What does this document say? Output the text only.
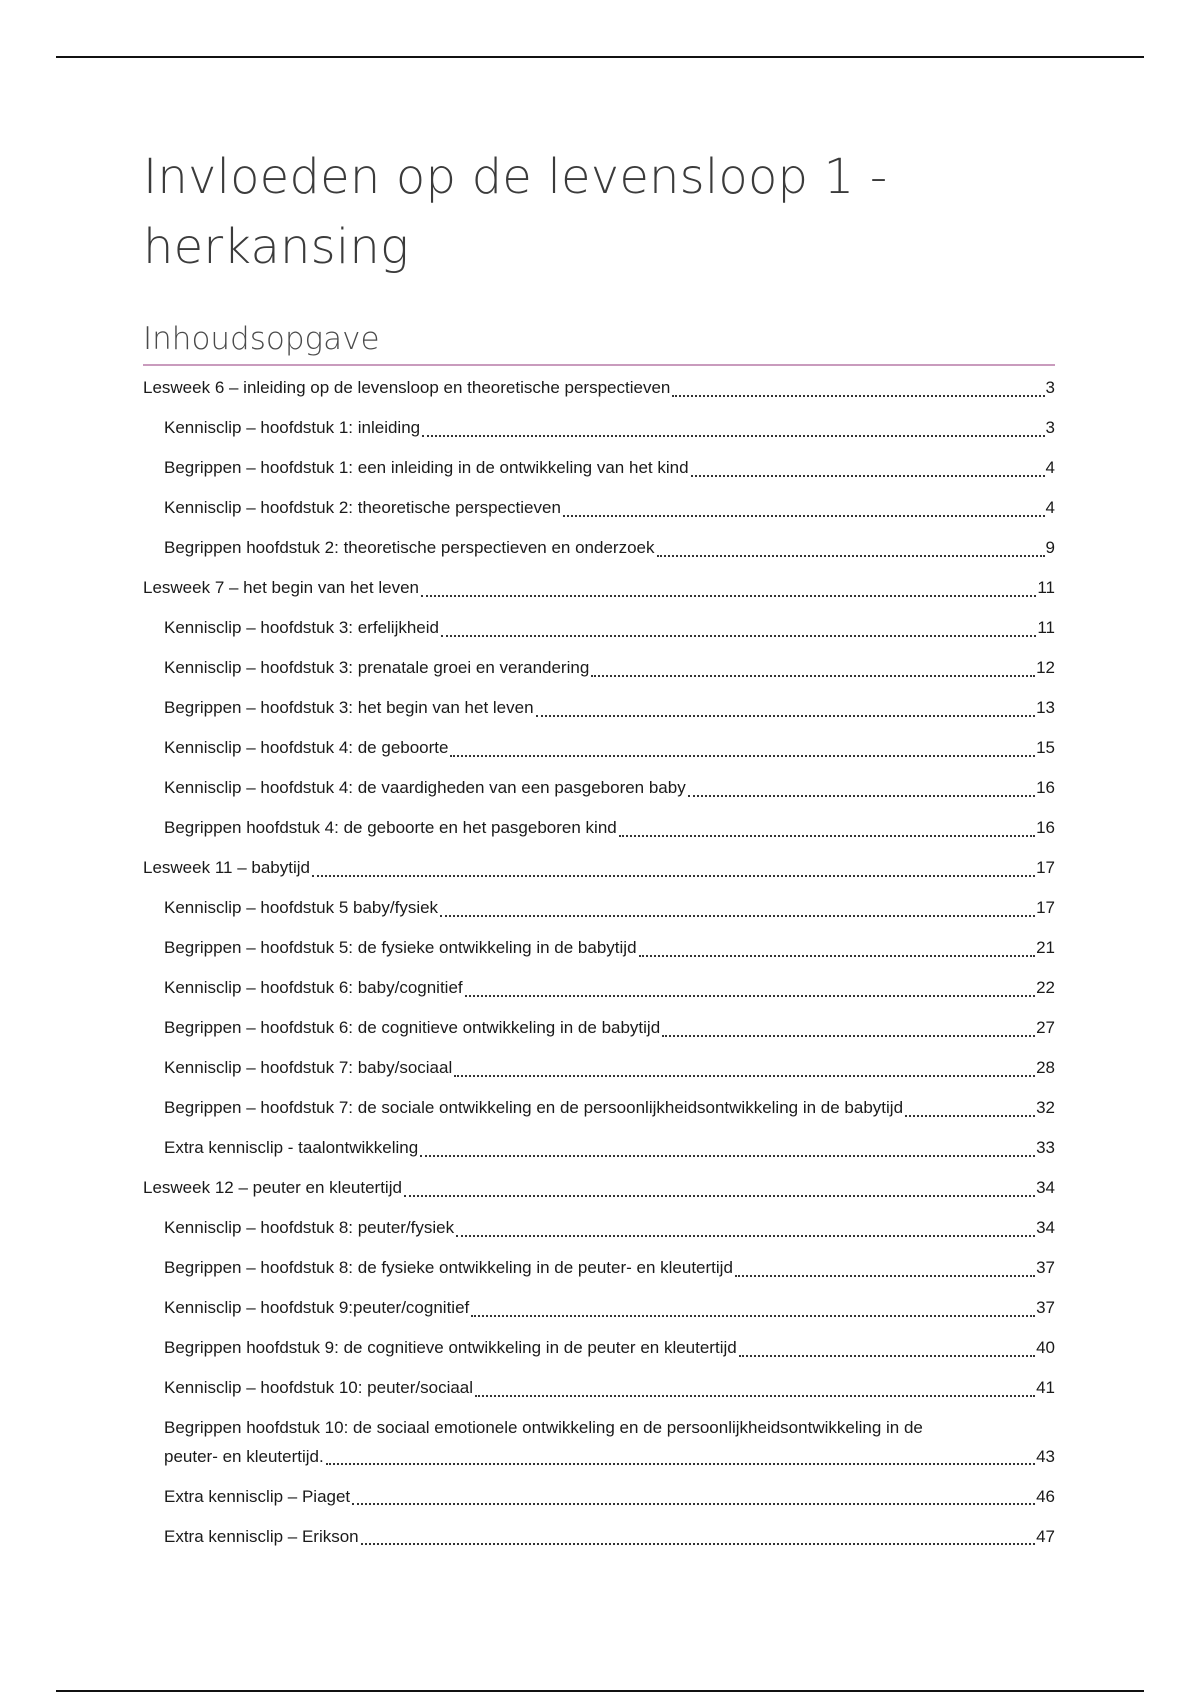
Invloeden op de levensloop 1 - herkansing
Inhoudsopgave
Lesweek 6 – inleiding op de levensloop en theoretische perspectieven	3
Kennisclip – hoofdstuk 1: inleiding	3
Begrippen – hoofdstuk 1: een inleiding in de ontwikkeling van het kind	4
Kennisclip – hoofdstuk 2: theoretische perspectieven	4
Begrippen hoofdstuk 2: theoretische perspectieven en onderzoek	9
Lesweek 7 – het begin van het leven	11
Kennisclip – hoofdstuk 3: erfelijkheid	11
Kennisclip – hoofdstuk 3: prenatale groei en verandering	12
Begrippen – hoofdstuk 3: het begin van het leven	13
Kennisclip – hoofdstuk 4: de geboorte	15
Kennisclip – hoofdstuk 4: de vaardigheden van een pasgeboren baby	16
Begrippen hoofdstuk 4: de geboorte en het pasgeboren kind	16
Lesweek 11 – babytijd	17
Kennisclip – hoofdstuk 5 baby/fysiek	17
Begrippen – hoofdstuk 5: de fysieke ontwikkeling in de babytijd	21
Kennisclip – hoofdstuk 6: baby/cognitief	22
Begrippen – hoofdstuk 6: de cognitieve ontwikkeling in de babytijd	27
Kennisclip – hoofdstuk 7: baby/sociaal	28
Begrippen – hoofdstuk 7: de sociale ontwikkeling en de persoonlijkheidsontwikkeling in de babytijd	32
Extra kennisclip - taalontwikkeling	33
Lesweek 12 – peuter en kleutertijd	34
Kennisclip – hoofdstuk 8: peuter/fysiek	34
Begrippen – hoofdstuk 8: de fysieke ontwikkeling in de peuter- en kleutertijd	37
Kennisclip – hoofdstuk 9:peuter/cognitief	37
Begrippen hoofdstuk 9: de cognitieve ontwikkeling in de peuter en kleutertijd	40
Kennisclip – hoofdstuk 10: peuter/sociaal	41
Begrippen hoofdstuk 10: de sociaal emotionele ontwikkeling en de persoonlijkheidsontwikkeling in de
peuter- en kleutertijd.	43
Extra kennisclip – Piaget	46
Extra kennisclip – Erikson	47
